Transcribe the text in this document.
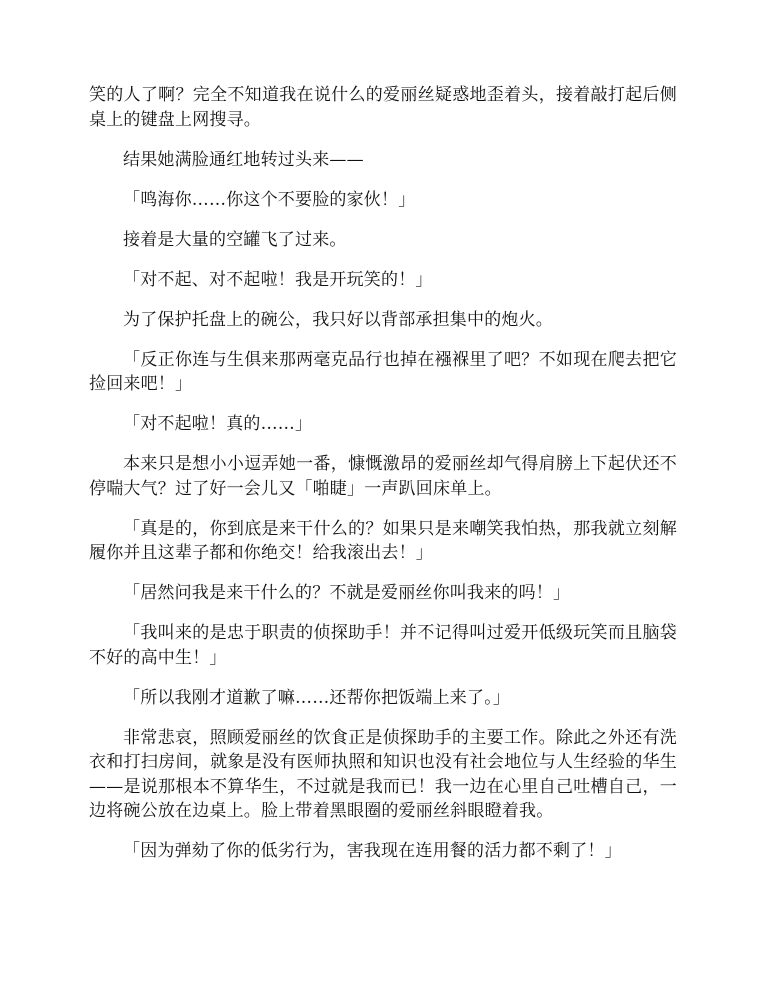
笑的人了啊？完全不知道我在说什么的爱丽丝疑惑地歪着头，接着敲打起后侧桌上的键盘上网搜寻。

结果她满脸通红地转过头来——

「鸣海你……你这个不要脸的家伙！」

接着是大量的空罐飞了过来。

「对不起、对不起啦！我是开玩笑的！」

为了保护托盘上的碗公，我只好以背部承担集中的炮火。

「反正你连与生俱来那两毫克品行也掉在襁褓里了吧？不如现在爬去把它捡回来吧！」

「对不起啦！真的……」

本来只是想小小逗弄她一番，慷慨激昂的爱丽丝却气得肩膀上下起伏还不停喘大气？过了好一会儿又「啪睫」一声趴回床单上。

「真是的，你到底是来干什么的？如果只是来嘲笑我怕热，那我就立刻解履你并且这辈子都和你绝交！给我滚出去！」

「居然问我是来干什么的？不就是爱丽丝你叫我来的吗！」

「我叫来的是忠于职责的侦探助手！并不记得叫过爱开低级玩笑而且脑袋不好的高中生！」

「所以我刚才道歉了嘛……还帮你把饭端上来了。」

非常悲哀，照顾爱丽丝的饮食正是侦探助手的主要工作。除此之外还有洗衣和打扫房间，就象是没有医师执照和知识也没有社会地位与人生经验的华生——是说那根本不算华生，不过就是我而已！我一边在心里自己吐槽自己，一边将碗公放在边桌上。脸上带着黑眼圈的爱丽丝斜眼瞪着我。

「因为弹劾了你的低劣行为，害我现在连用餐的活力都不剩了！」
